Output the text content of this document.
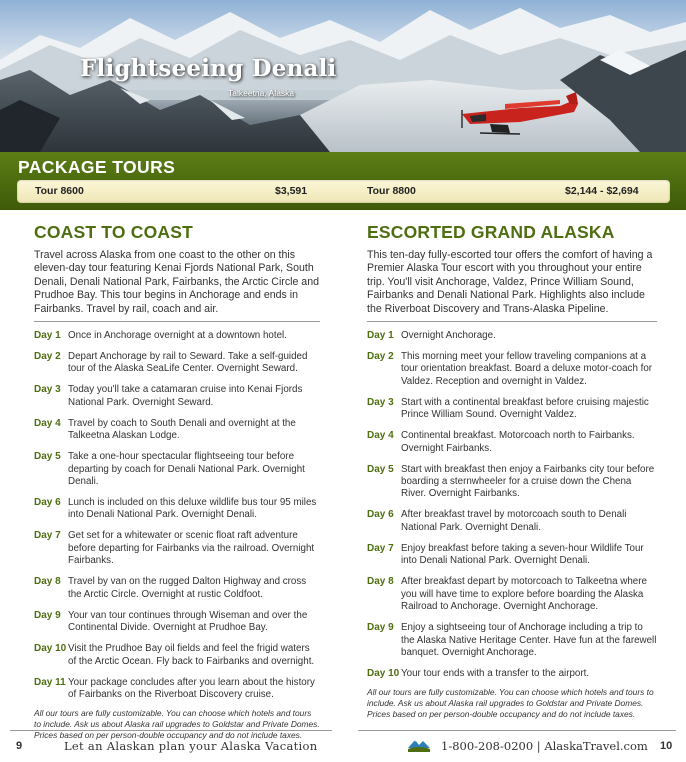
Flightseeing Denali
Talkeetna, Alaska
PACKAGE TOURS
Tour 8600	$3,591	Tour 8800	$2,144 - $2,694
COAST TO COAST

Travel across Alaska from one coast to the other on this eleven-day tour featuring Kenai Fjords National Park, South Denali, Denali National Park, Fairbanks, the Arctic Circle and Prudhoe Bay. This tour begins in Anchorage and ends in Fairbanks. Travel by rail, coach and air.

Day 1 Once in Anchorage overnight at a downtown hotel.
Day 2 Depart Anchorage by rail to Seward. Take a self-guided tour of the Alaska SeaLife Center. Overnight Seward.
Day 3 Today you'll take a catamaran cruise into Kenai Fjords National Park. Overnight Seward.
Day 4 Travel by coach to South Denali and overnight at the Talkeetna Alaskan Lodge.
Day 5 Take a one-hour spectacular flightseeing tour before departing by coach for Denali National Park. Overnight Denali.
Day 6 Lunch is included on this deluxe wildlife bus tour 95 miles into Denali National Park. Overnight Denali.
Day 7 Get set for a whitewater or scenic float raft adventure before departing for Fairbanks via the railroad. Overnight Fairbanks.
Day 8 Travel by van on the rugged Dalton Highway and cross the Arctic Circle. Overnight at rustic Coldfoot.
Day 9 Your van tour continues through Wiseman and over the Continental Divide. Overnight at Prudhoe Bay.
Day 10 Visit the Prudhoe Bay oil fields and feel the frigid waters of the Arctic Ocean. Fly back to Fairbanks and overnight.
Day 11 Your package concludes after you learn about the history of Fairbanks on the Riverboat Discovery cruise.
All our tours are fully customizable. You can choose which hotels and tours to include. Ask us about Alaska rail upgrades to Goldstar and Private Domes. Prices based on per person-double occupancy and do not include taxes.
ESCORTED GRAND ALASKA

This ten-day fully-escorted tour offers the comfort of having a Premier Alaska Tour escort with you throughout your entire trip. You'll visit Anchorage, Valdez, Prince William Sound, Fairbanks and Denali National Park. Highlights also include the Riverboat Discovery and Trans-Alaska Pipeline.

Day 1 Overnight Anchorage.
Day 2 This morning meet your fellow traveling companions at a tour orientation breakfast. Board a deluxe motor-coach for Valdez. Reception and overnight in Valdez.
Day 3 Start with a continental breakfast before cruising majestic Prince William Sound. Overnight Valdez.
Day 4 Continental breakfast. Motorcoach north to Fairbanks. Overnight Fairbanks.
Day 5 Start with breakfast then enjoy a Fairbanks city tour before boarding a sternwheeler for a cruise down the Chena River. Overnight Fairbanks.
Day 6 After breakfast travel by motorcoach south to Denali National Park. Overnight Denali.
Day 7 Enjoy breakfast before taking a seven-hour Wildlife Tour into Denali National Park. Overnight Denali.
Day 8 After breakfast depart by motorcoach to Talkeetna where you will have time to explore before boarding the Alaska Railroad to Anchorage. Overnight Anchorage.
Day 9 Enjoy a sightseeing tour of Anchorage including a trip to the Alaska Native Heritage Center. Have fun at the farewell banquet. Overnight Anchorage.
Day 10 Your tour ends with a transfer to the airport.
All our tours are fully customizable. You can choose which hotels and tours to include. Ask us about Alaska rail upgrades to Goldstar and Private Domes. Prices based on per person-double occupancy and do not include taxes.
9	Let an Alaskan plan your Alaska Vacation	1-800-208-0200 | AlaskaTravel.com 10
